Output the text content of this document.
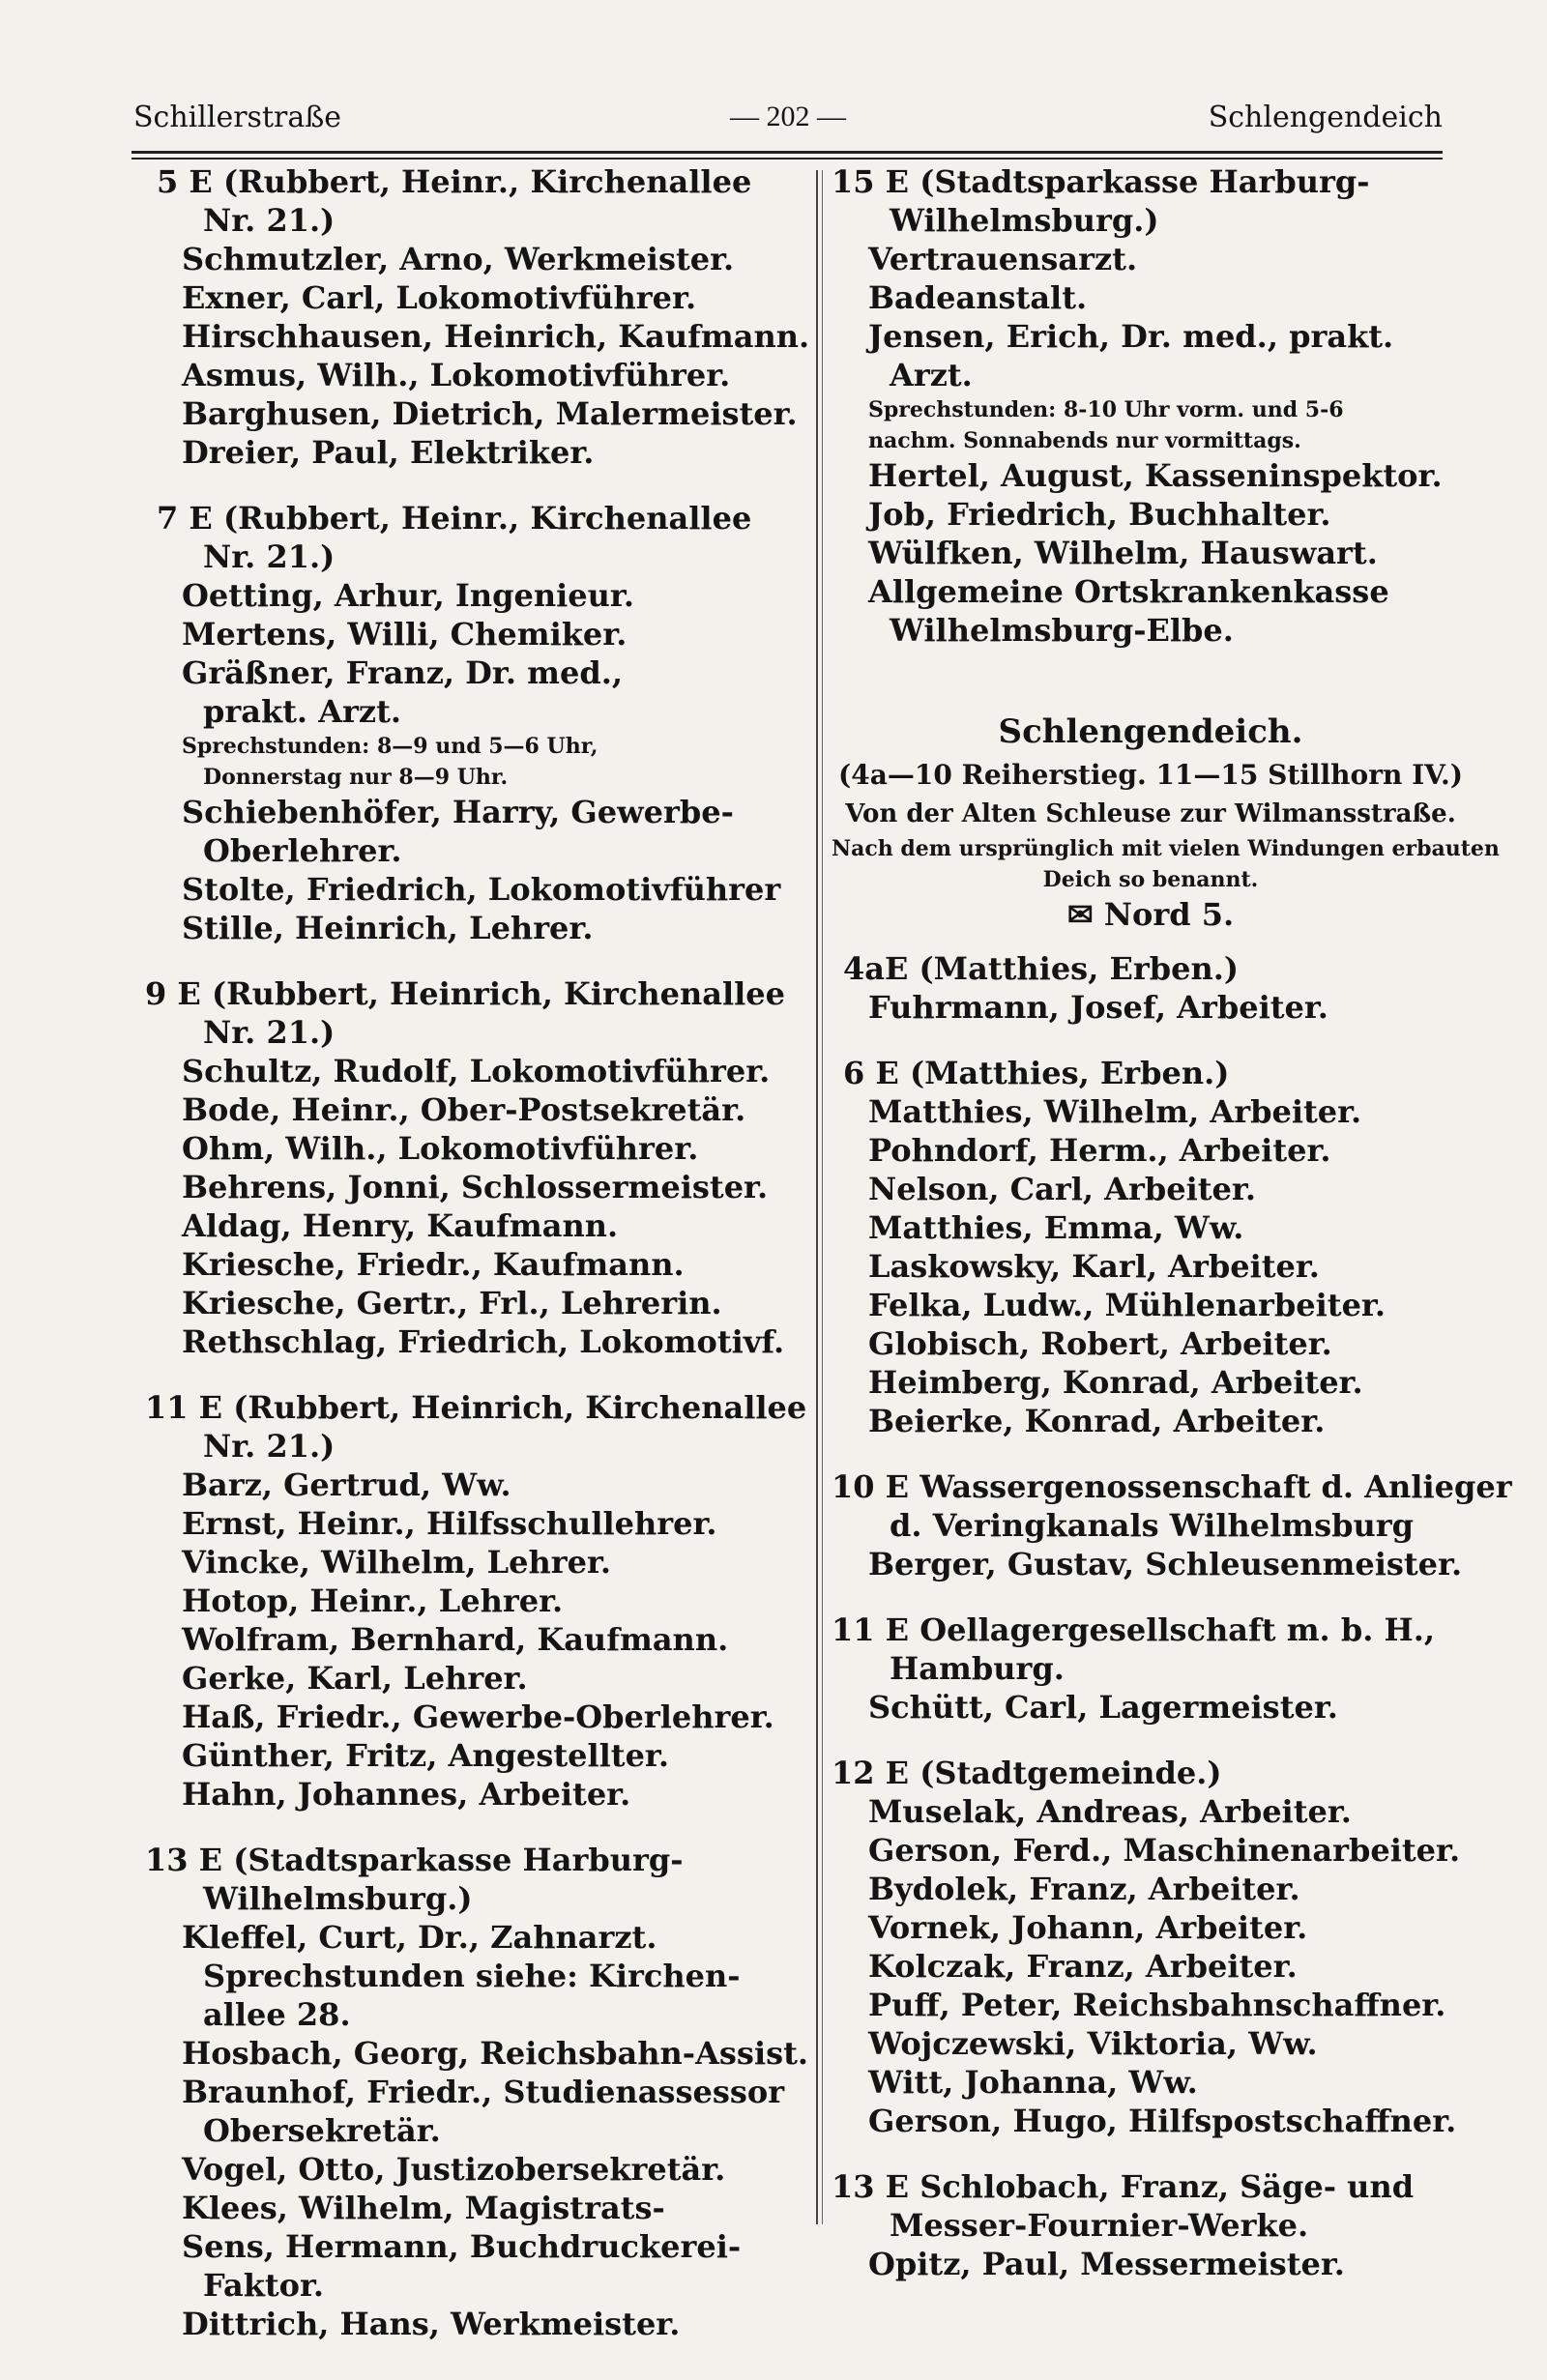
Schillerstraße	— 202 —	Schlengendeich
5 E (Rubbert, Heinr., Kirchenallee
Nr. 21.)
Schmutzler, Arno, Werkmeister.
Exner, Carl, Lokomotivführer.
Hirschhausen, Heinrich, Kaufmann.
Asmus, Wilh., Lokomotivführer.
Barghusen, Dietrich, Malermeister.
Dreier, Paul, Elektriker.
7 E (Rubbert, Heinr., Kirchenallee
Nr. 21.)
Oetting, Arhur, Ingenieur.
Mertens, Willi, Chemiker.
Gräßner, Franz, Dr. med.,
prakt. Arzt.
Sprechstunden: 8—9 und 5—6 Uhr,
Donnerstag nur 8—9 Uhr.
Schiebenhöfer, Harry, Gewerbe-
Oberlehrer.
Stolte, Friedrich, Lokomotivführer
Stille, Heinrich, Lehrer.
9 E (Rubbert, Heinrich, Kirchenallee
Nr. 21.)
Schultz, Rudolf, Lokomotivführer.
Bode, Heinr., Ober-Postsekretär.
Ohm, Wilh., Lokomotivführer.
Behrens, Jonni, Schlossermeister.
Aldag, Henry, Kaufmann.
Kriesche, Friedr., Kaufmann.
Kriesche, Gertr., Frl., Lehrerin.
Rethschlag, Friedrich, Lokomotivf.
11 E (Rubbert, Heinrich, Kirchenallee
Nr. 21.)
Barz, Gertrud, Ww.
Ernst, Heinr., Hilfsschullehrer.
Vincke, Wilhelm, Lehrer.
Hotop, Heinr., Lehrer.
Wolfram, Bernhard, Kaufmann.
Gerke, Karl, Lehrer.
Haß, Friedr., Gewerbe-Oberlehrer.
Günther, Fritz, Angestellter.
Hahn, Johannes, Arbeiter.
13 E (Stadtsparkasse Harburg-
Wilhelmsburg.)
Kleffel, Curt, Dr., Zahnarzt.
Sprechstunden siehe: Kirchen-
allee 28.
Hosbach, Georg, Reichsbahn-Assist.
Braunhof, Friedr., Studienassessor
Obersekretär.
Vogel, Otto, Justizobersekretär.
Klees, Wilhelm, Magistrats-
Sens, Hermann, Buchdruckerei-
Faktor.
Dittrich, Hans, Werkmeister.
15 E (Stadtsparkasse Harburg-
Wilhelmsburg.)
Vertrauensarzt.
Badeanstalt.
Jensen, Erich, Dr. med., prakt.
Arzt.
Sprechstunden: 8-10 Uhr vorm. und 5-6
nachm. Sonnabends nur vormittags.
Hertel, August, Kasseninspektor.
Job, Friedrich, Buchhalter.
Wülfken, Wilhelm, Hauswart.
Allgemeine Ortskrankenkasse
Wilhelmsburg-Elbe.
Schlengendeich.
(4a—10 Reiherstieg. 11—15 Stillhorn IV.)
Von der Alten Schleuse zur Wilmansstraße.
Nach dem ursprünglich mit vielen Windungen erbauten
Deich so benannt.
✉ Nord 5.
4aE (Matthies, Erben.)
Fuhrmann, Josef, Arbeiter.
6 E (Matthies, Erben.)
Matthies, Wilhelm, Arbeiter.
Pohndorf, Herm., Arbeiter.
Nelson, Carl, Arbeiter.
Matthies, Emma, Ww.
Laskowsky, Karl, Arbeiter.
Felka, Ludw., Mühlenarbeiter.
Globisch, Robert, Arbeiter.
Heimberg, Konrad, Arbeiter.
Beierke, Konrad, Arbeiter.
10 E Wassergenossenschaft d. Anlieger
d. Veringkanals Wilhelmsburg
Berger, Gustav, Schleusenmeister.
11 E Oellagergesellschaft m. b. H.,
Hamburg.
Schütt, Carl, Lagermeister.
12 E (Stadtgemeinde.)
Muselak, Andreas, Arbeiter.
Gerson, Ferd., Maschinenarbeiter.
Bydolek, Franz, Arbeiter.
Vornek, Johann, Arbeiter.
Kolczak, Franz, Arbeiter.
Puff, Peter, Reichsbahnschaffner.
Wojczewski, Viktoria, Ww.
Witt, Johanna, Ww.
Gerson, Hugo, Hilfspostschaffner.
13 E Schlobach, Franz, Säge- und
Messer-Fournier-Werke.
Opitz, Paul, Messermeister.
